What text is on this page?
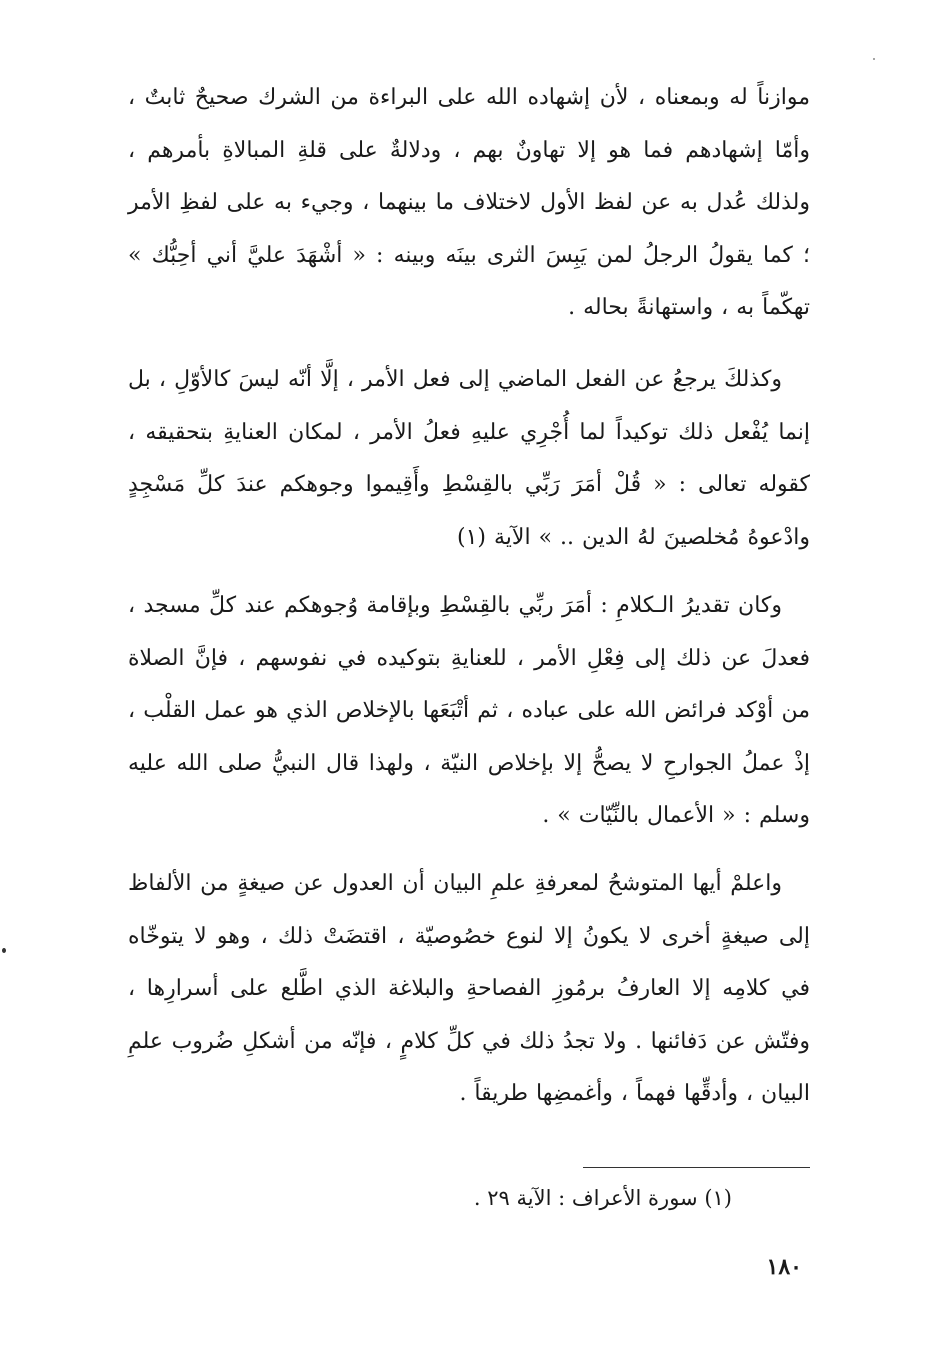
موازناً له وبمعناه ، لأن إشهاده الله على البراءة من الشرك صحيحٌ ثابتٌ ، وأمّا إشهادهم فما هو إلا تهاونٌ بهم ، ودلالةٌ على قلةِ المبالاةِ بأمرهم ، ولذلك عُدل به عن لفظ الأول لاختلاف ما بينهما ، وجيء به على لفظِ الأمر ؛ كما يقولُ الرجلُ لمن يَبِسَ الثرى بينَه وبينه : « أشْهَدَ عليَّ أني أحِبُّك » تهكّماً به ، واستهانةً بحاله .

وكذلكَ يرجعُ عن الفعل الماضي إلى فعل الأمر ، إلَّا أنّه ليسَ كالأوّلِ ، بل إنما يُفْعل ذلك توكيداً لما أُجْرِي عليهِ فعلُ الأمر ، لمكان العنايةِ بتحقيقه ، كقوله تعالى : « قُلْ أمَرَ رَبِّي بالقِسْطِ وأَقِيموا وجوهكم عندَ كلِّ مَسْجِدٍ وادْعوهُ مُخلصينَ لهُ الدين .. » الآية (١)

وكان تقديرُ الـكلامِ : أمَرَ ربِّي بالقِسْطِ وبإقامة وُجوهكم عند كلِّ مسجد ، فعدلَ عن ذلك إلى فِعْلِ الأمر ، للعنايةِ بتوكيده في نفوسهم ، فإنَّ الصلاة من أوْكد فرائض الله على عباده ، ثم أتْبَعَها بالإخلاص الذي هو عمل القلْب ، إذْ عملُ الجوارحِ لا يصحُّ إلا بإخلاص النيّة ، ولهذا قال النبيُّ صلى الله عليه وسلم : « الأعمال بالنِّيّات » .

واعلمْ أيها المتوشحُ لمعرفةِ علمِ البيان أن العدول عن صيغةٍ من الألفاظ إلى صيغةٍ أخرى لا يكونُ إلا لنوع خصُوصيّة ، اقتضَتْ ذلك ، وهو لا يتوخّاه في كلامِه إلا العارفُ برمُوزِ الفصاحةِ والبلاغة الذي اطَّلع على أسرارِها ، وفتّش عن دَفائنها . ولا تجدُ ذلك في كلِّ كلامٍ ، فإنّه من أشكلِ ضُروب علمِ البيان ، وأدقِّها فهماً ، وأغمضِها طريقاً .

(١) سورة الأعراف : الآية ٢٩ .
١٨٠
